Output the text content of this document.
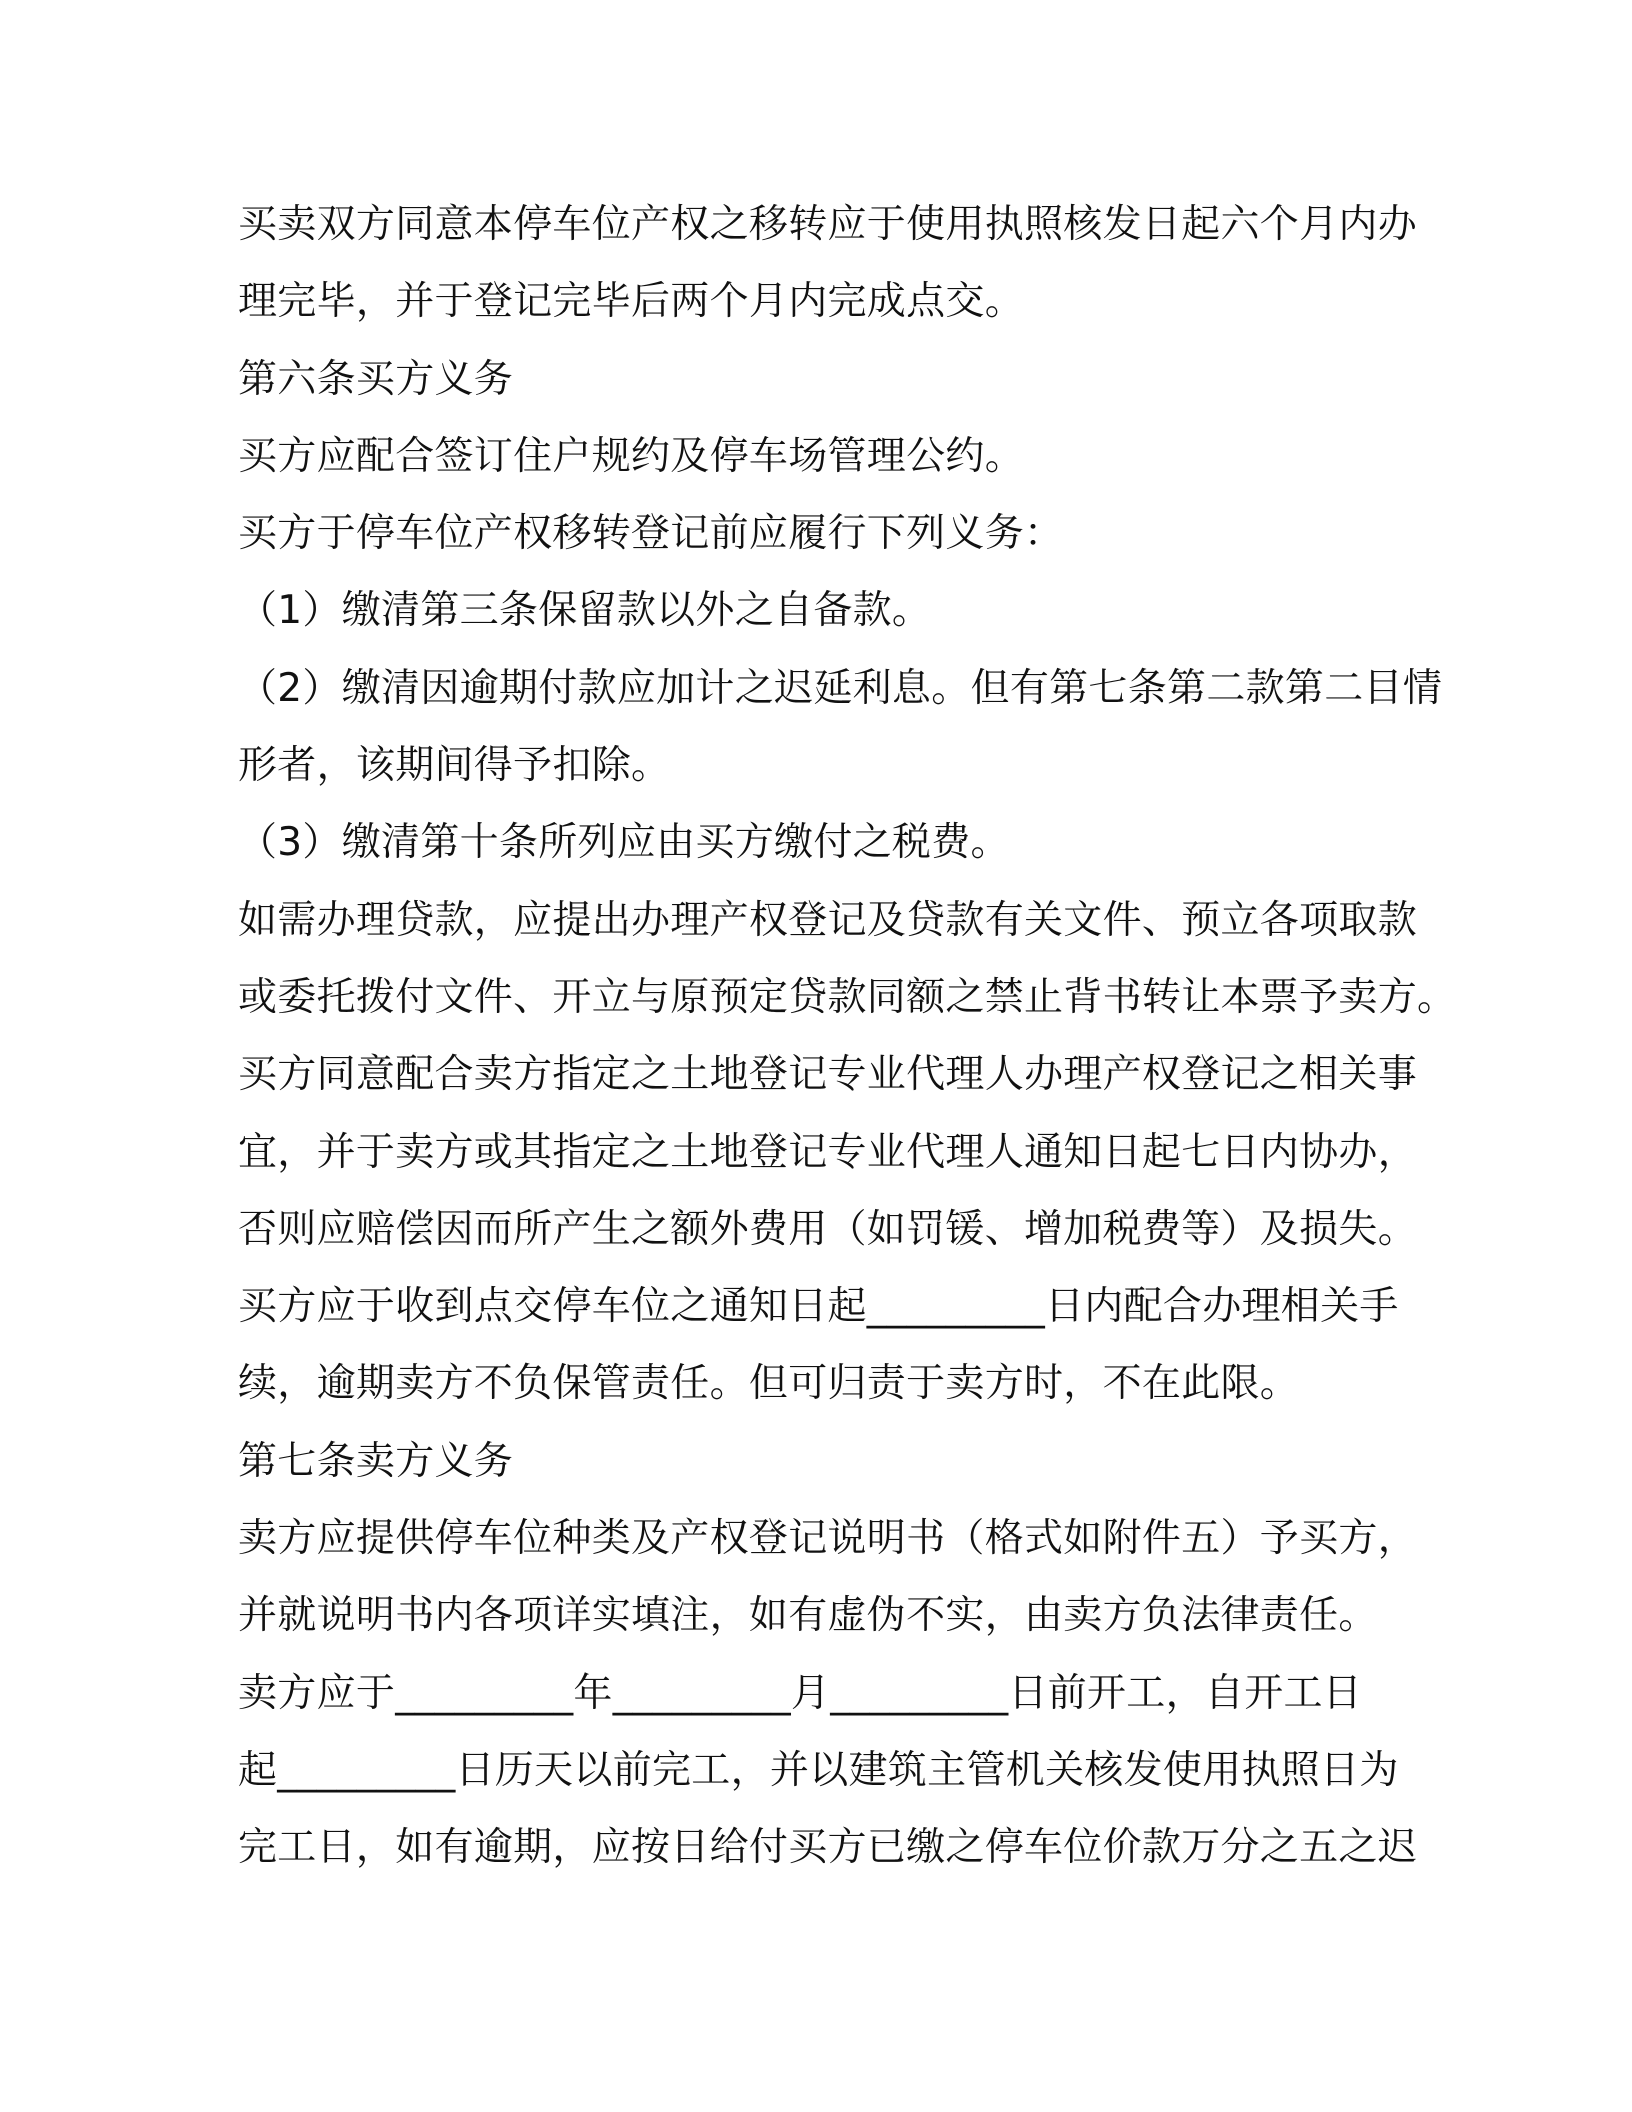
买卖双方同意本停车位产权之移转应于使用执照核发日起六个月内办
理完毕，并于登记完毕后两个月内完成点交。
第六条买方义务
买方应配合签订住户规约及停车场管理公约。
买方于停车位产权移转登记前应履行下列义务：
（1）缴清第三条保留款以外之自备款。
（2）缴清因逾期付款应加计之迟延利息。但有第七条第二款第二目情
形者，该期间得予扣除。
（3）缴清第十条所列应由买方缴付之税费。
如需办理贷款，应提出办理产权登记及贷款有关文件、预立各项取款
或委托拨付文件、开立与原预定贷款同额之禁止背书转让本票予卖方。
买方同意配合卖方指定之土地登记专业代理人办理产权登记之相关事
宜，并于卖方或其指定之土地登记专业代理人通知日起七日内协办，
否则应赔偿因而所产生之额外费用（如罚锾、增加税费等）及损失。
买方应于收到点交停车位之通知日起_________日内配合办理相关手
续，逾期卖方不负保管责任。但可归责于卖方时，不在此限。
第七条卖方义务
卖方应提供停车位种类及产权登记说明书（格式如附件五）予买方，
并就说明书内各项详实填注，如有虚伪不实，由卖方负法律责任。
卖方应于_________年_________月_________日前开工，自开工日
起_________日历天以前完工，并以建筑主管机关核发使用执照日为
完工日，如有逾期，应按日给付买方已缴之停车位价款万分之五之迟
